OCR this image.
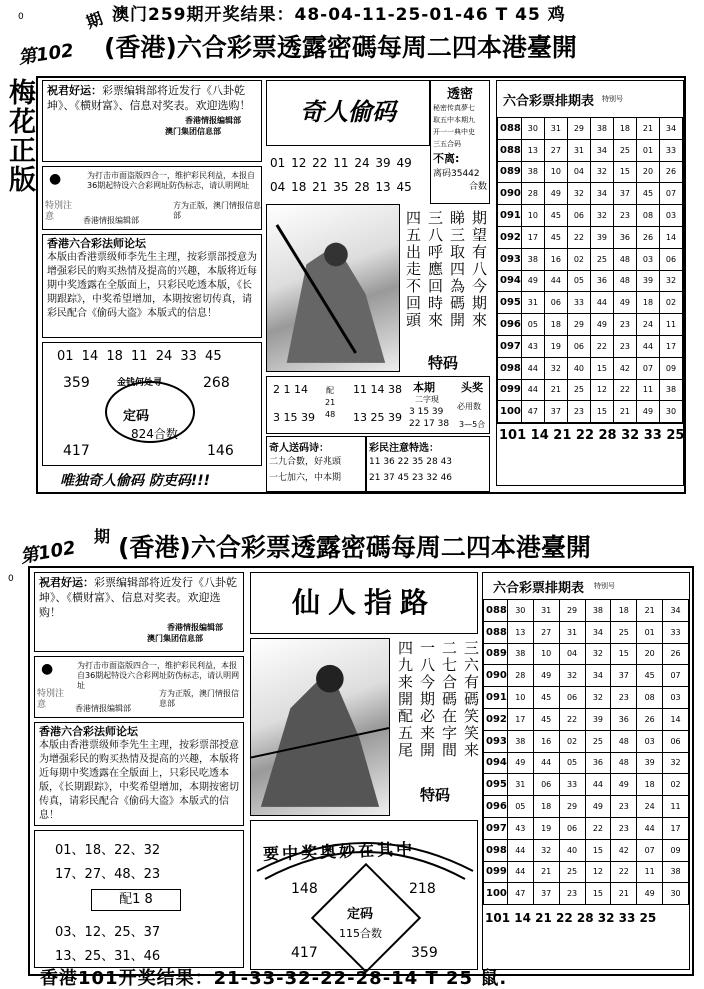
澳门259期开奖结果：48-04-11-25-01-46 T 45 鸡
0
第102
期
(香港)六合彩票透露密碼每周二四本港臺開
梅花正版	祝君好运：彩票编辑部将近发行《八卦乾坤》、《横财富》、信息对奖表。欢迎选购！
香港情报编辑部
澳门集团信息部
●
特別注意
为打击市面盗版四合一，维护彩民利益，本报自36期起特设六合彩网址防伪标志，请认明网址
香港情报编辑部
方为正版，澳门情报信息部
香港六合彩法师论坛
本版由香港票级师李先生主理，按彩票部授意为增强彩民的购买热情及提高的兴趣，本版将近每期中奖透露在全版面上，只彩民吃透本版，《长期跟踪》，中奖希望增加，本期按密切传真，请彩民配合《偷码大盗》本版式的信息！
01 14 18 11 24 33 45
金钱何处寻
359	268
定码
824合数
417	146
唯独奇人偷码 防吏码!!!
奇人偷码
01 12 22 11 24 39 49
04 18 21 35 28 13 45
透密
秘密传真夢七
取五中本期九
开一一典中史
三五合码
不离:
离码35442
合数
四五出走不回頭 三八呼應回時來 睇三取四為碼開 期望有八今期來
特码
2 1 14
3 15 39
配
21
48
11 14 38
13 25 39
本期
二字現
3 15 39
22 17 38
头奖
必用数
3—5合
奇人送码诗：
二九合數，好兆頭
一七加六，中本期
彩民注意特选：
11 36 22 35 28 43
21 37 45 23 32 46
六合彩票排期表 特别号
088	30	31	29	38	18	21	34
088	13	27	31	34	25	01	33
089	38	10	04	32	15	20	26
090	28	49	32	34	37	45	07
091	10	45	06	32	23	08	03
092	17	45	22	39	36	26	14
093	38	16	02	25	48	03	06
094	49	44	05	36	48	39	32
095	31	06	33	44	49	18	02
096	05	18	29	49	23	24	11
097	43	19	06	22	23	44	17
098	44	32	40	15	42	07	09
099	44	21	25	12	22	11	38
100	47	37	23	15	21	49	30
101 14 21 22 28 32 33 25
0
第102
期 (香港)六合彩票透露密碼每周二四本港臺開
祝君好运：彩票编辑部将近发行《八卦乾坤》、《横财富》、信息对奖表。欢迎选购！
香港情报编辑部
澳门集团信息部
●
特別注意
为打击市面盗版四合一，维护彩民利益，本报自36期起特设六合彩网址防伪标志，请认明网址
香港情报编辑部
方为正版，澳门情报信息部
香港六合彩法师论坛
本版由香港票级师李先生主理，按彩票部授意为增强彩民的购买热情及提高的兴趣，本版将近每期中奖透露在全版面上，只彩民吃透本版，《长期跟踪》，中奖希望增加，本期按密切传真，请彩民配合《偷码大盗》本版式的信息！
01、18、22、32
17、27、48、23
配1 8
03、12、25、37
13、25、31、46
仙人指路
四九来開配五尾 一八今期必来開 二七合碼在字間 三六有碼笑笑来
特码
要中奖奥妙在其中
148	218
定码
115合数
417	359
六合彩票排期表 特别号
088	30	31	29	38	18	21	34
088	13	27	31	34	25	01	33
089	38	10	04	32	15	20	26
090	28	49	32	34	37	45	07
091	10	45	06	32	23	08	03
092	17	45	22	39	36	26	14
093	38	16	02	25	48	03	06
094	49	44	05	36	48	39	32
095	31	06	33	44	49	18	02
096	05	18	29	49	23	24	11
097	43	19	06	22	23	44	17
098	44	32	40	15	42	07	09
099	44	21	25	12	22	11	38
100	47	37	23	15	21	49	30
101 14 21 22 28 32 33 25
香港101开奖结果：21-33-32-22-28-14 T 25 鼠.
